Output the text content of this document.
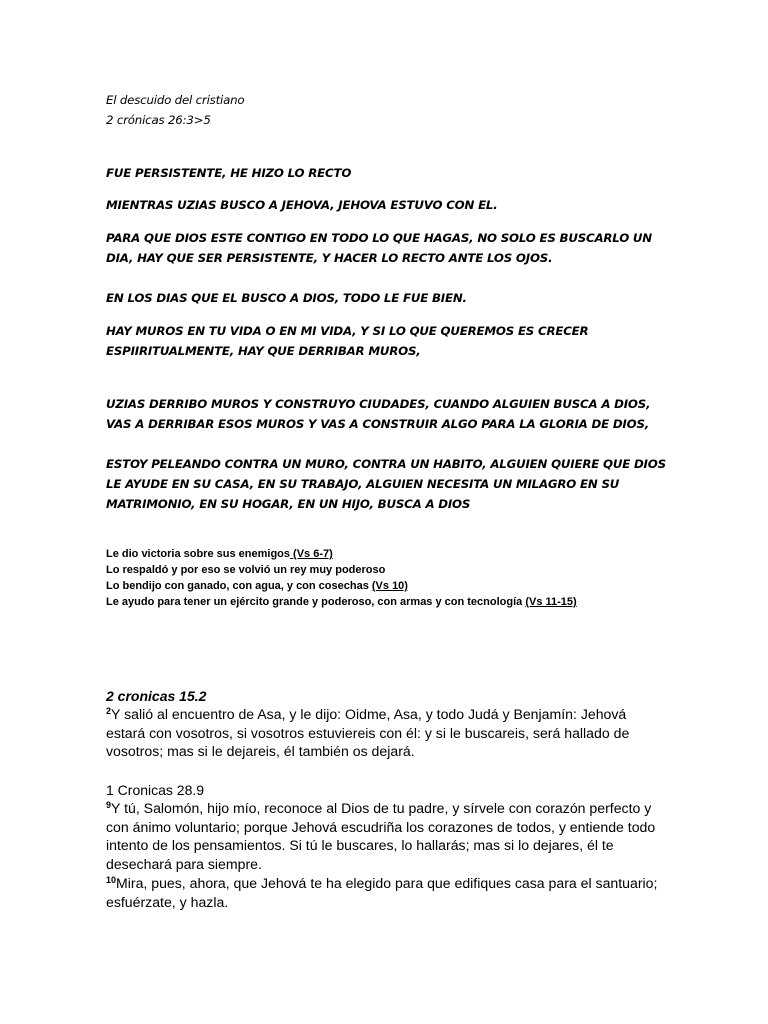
El descuido del cristiano

2 crónicas 26:3>5

FUE PERSISTENTE, HE HIZO LO RECTO

MIENTRAS UZIAS BUSCO A JEHOVA, JEHOVA ESTUVO CON EL.

PARA QUE DIOS ESTE CONTIGO EN TODO LO QUE HAGAS, NO SOLO ES BUSCARLO UN DIA, HAY QUE SER PERSISTENTE, Y HACER LO RECTO ANTE LOS OJOS.

EN LOS DIAS QUE EL BUSCO A DIOS, TODO LE FUE BIEN.

HAY MUROS EN TU VIDA O EN MI VIDA, Y SI LO QUE QUEREMOS ES CRECER ESPIIRITUALMENTE, HAY QUE DERRIBAR MUROS,

UZIAS DERRIBO MUROS Y CONSTRUYO CIUDADES, CUANDO ALGUIEN BUSCA A DIOS, VAS A DERRIBAR ESOS MUROS Y VAS A CONSTRUIR ALGO PARA LA GLORIA DE DIOS,

ESTOY PELEANDO CONTRA UN MURO, CONTRA UN HABITO, ALGUIEN QUIERE QUE DIOS LE AYUDE EN SU CASA, EN SU TRABAJO, ALGUIEN NECESITA UN MILAGRO EN SU MATRIMONIO, EN SU HOGAR, EN UN HIJO, BUSCA A DIOS

Le dio victoria sobre sus enemigos (Vs 6-7)

Lo respaldó y por eso se volvió un rey muy poderoso

Lo bendijo con ganado, con agua, y con cosechas (Vs 10)

Le ayudo para tener un ejército grande y poderoso, con armas y con tecnología (Vs 11-15)

2 cronicas 15.2

$^2$Y salió al encuentro de Asa, y le dijo: Oidme, Asa, y todo Judá y Benjamín: Jehová estará con vosotros, si vosotros estuviereis con él: y si le buscareis, será hallado de vosotros; mas si le dejareis, él también os dejará.

1 Cronicas 28.9

$^9$Y tú, Salomón, hijo mío, reconoce al Dios de tu padre, y sírvele con corazón perfecto y con ánimo voluntario; porque Jehová escudriña los corazones de todos, y entiende todo intento de los pensamientos. Si tú le buscares, lo hallarás; mas si lo dejares, él te desechará para siempre.

$^{10}$Mira, pues, ahora, que Jehová te ha elegido para que edifiques casa para el santuario; esfuérzate, y hazla.
